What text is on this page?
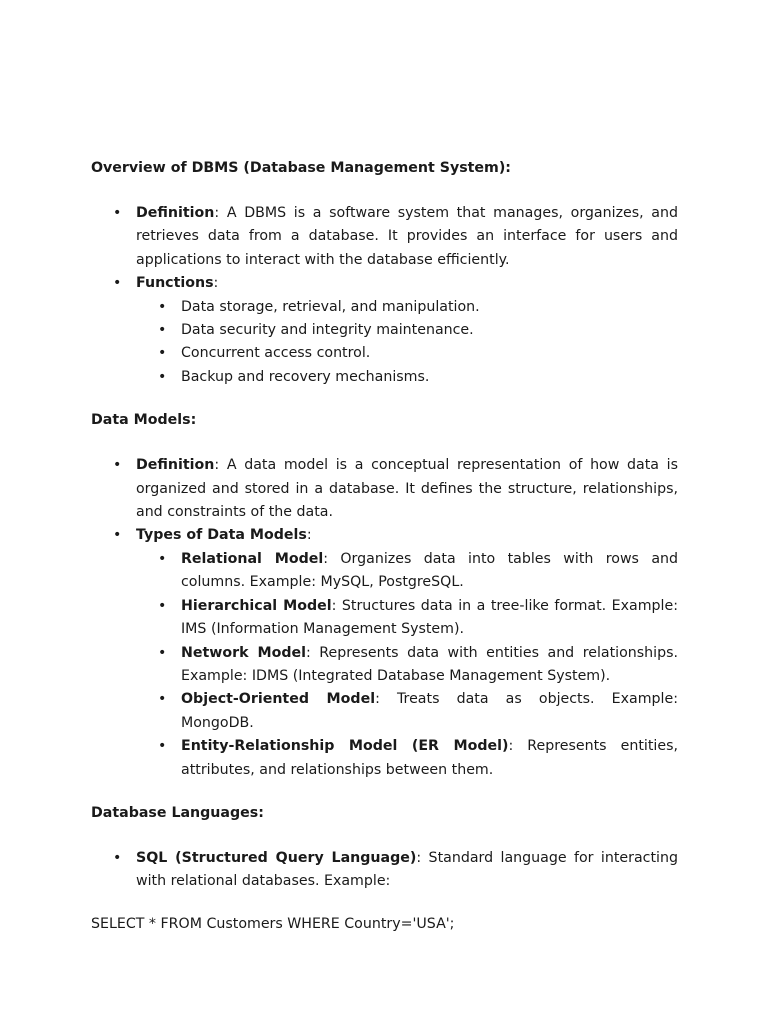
Overview of DBMS (Database Management System):

• Definition: A DBMS is a software system that manages, organizes, and retrieves data from a database. It provides an interface for users and applications to interact with the database efficiently.
• Functions:
• Data storage, retrieval, and manipulation.
• Data security and integrity maintenance.
• Concurrent access control.
• Backup and recovery mechanisms.

Data Models:

• Definition: A data model is a conceptual representation of how data is organized and stored in a database. It defines the structure, relationships, and constraints of the data.
• Types of Data Models:
• Relational Model: Organizes data into tables with rows and columns. Example: MySQL, PostgreSQL.
• Hierarchical Model: Structures data in a tree-like format. Example: IMS (Information Management System).
• Network Model: Represents data with entities and relationships. Example: IDMS (Integrated Database Management System).
• Object-Oriented Model: Treats data as objects. Example: MongoDB.
• Entity-Relationship Model (ER Model): Represents entities, attributes, and relationships between them.

Database Languages:

• SQL (Structured Query Language): Standard language for interacting with relational databases. Example:

SELECT * FROM Customers WHERE Country='USA';
